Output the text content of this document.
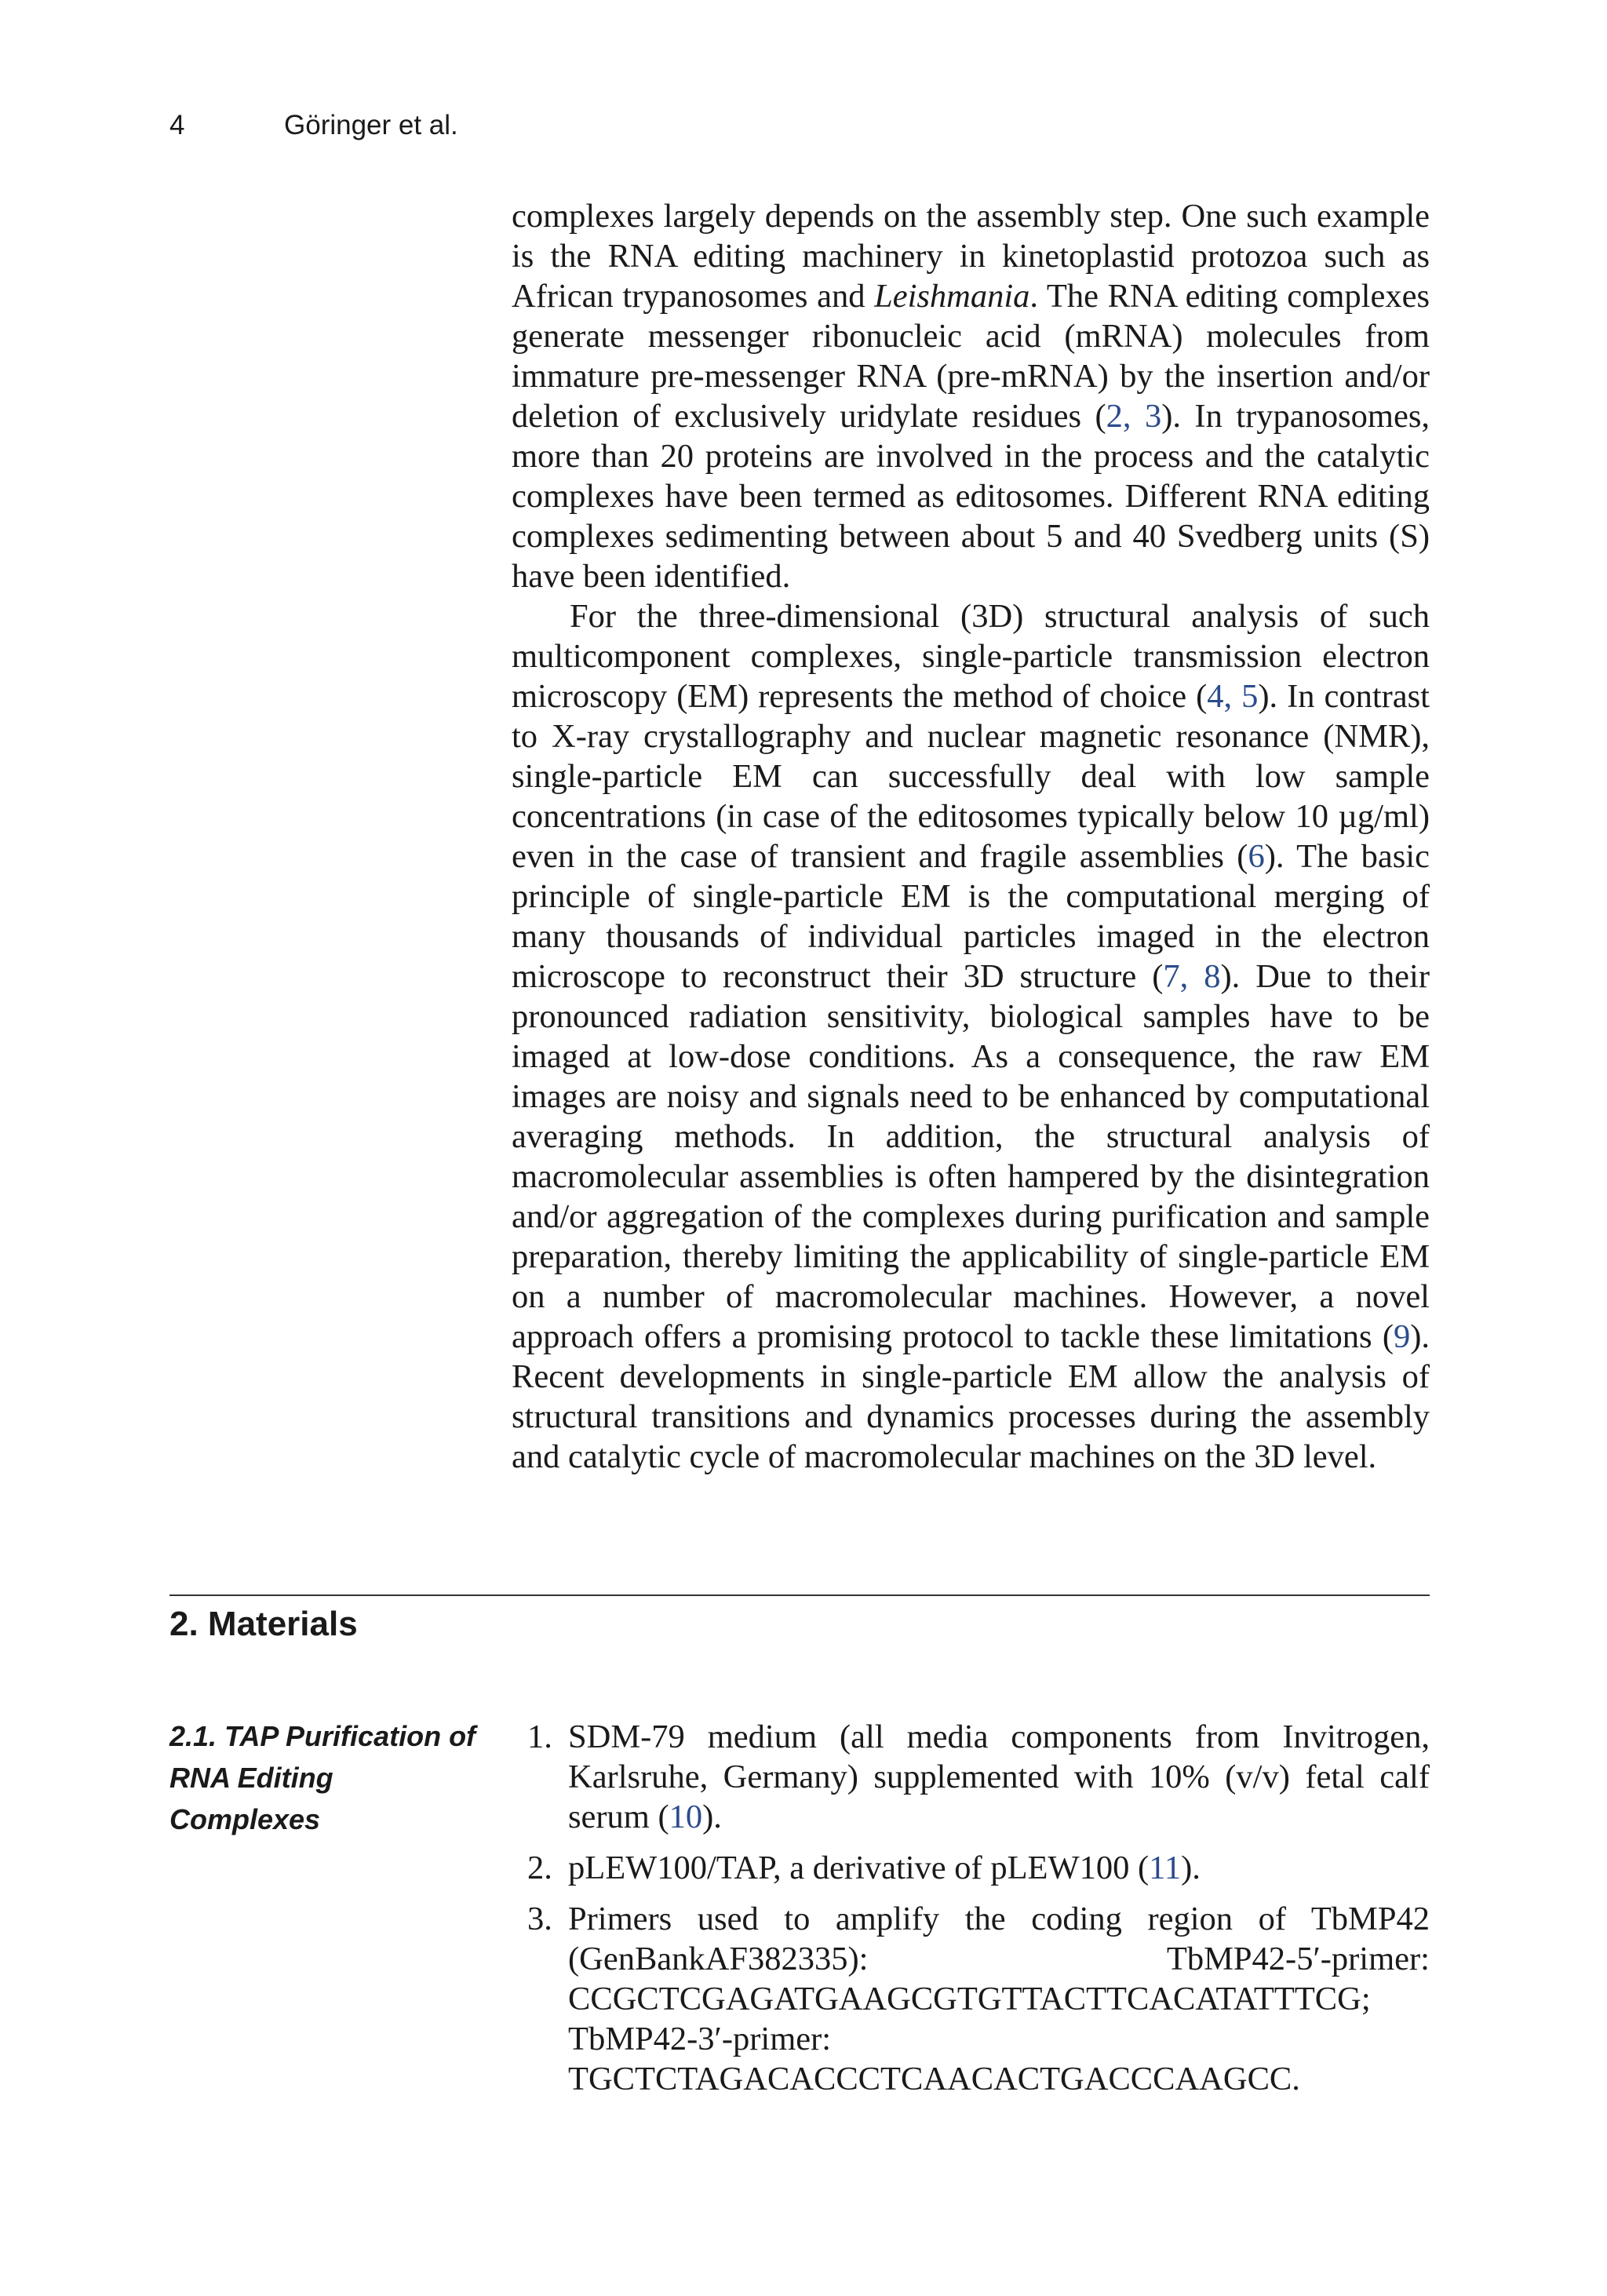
4	Göringer et al.

complexes largely depends on the assembly step. One such example is the RNA editing machinery in kinetoplastid protozoa such as African trypanosomes and Leishmania. The RNA editing complexes generate messenger ribonucleic acid (mRNA) molecules from immature pre-messenger RNA (pre-mRNA) by the insertion and/or deletion of exclusively uridylate residues (2, 3). In trypanosomes, more than 20 proteins are involved in the process and the catalytic complexes have been termed as editosomes. Different RNA editing complexes sedimenting between about 5 and 40 Svedberg units (S) have been identified.

For the three-dimensional (3D) structural analysis of such multicomponent complexes, single-particle transmission electron microscopy (EM) represents the method of choice (4, 5). In contrast to X-ray crystallography and nuclear magnetic resonance (NMR), single-particle EM can successfully deal with low sample concentrations (in case of the editosomes typically below 10 µg/ml) even in the case of transient and fragile assemblies (6). The basic principle of single-particle EM is the computational merging of many thousands of individual particles imaged in the electron microscope to reconstruct their 3D structure (7, 8). Due to their pronounced radiation sensitivity, biological samples have to be imaged at low-dose conditions. As a consequence, the raw EM images are noisy and signals need to be enhanced by computational averaging methods. In addition, the structural analysis of macromolecular assemblies is often hampered by the disintegration and/or aggregation of the complexes during purification and sample preparation, thereby limiting the applicability of single-particle EM on a number of macromolecular machines. However, a novel approach offers a promising protocol to tackle these limitations (9). Recent developments in single-particle EM allow the analysis of structural transitions and dynamics processes during the assembly and catalytic cycle of macromolecular machines on the 3D level.

2. Materials
2.1. TAP Purification of RNA Editing Complexes
1. SDM-79 medium (all media components from Invitrogen, Karlsruhe, Germany) supplemented with 10% (v/v) fetal calf serum (10).
2. pLEW100/TAP, a derivative of pLEW100 (11).
3. Primers used to amplify the coding region of TbMP42 (GenBankAF382335): TbMP42-5′-primer: CCGCTCGAGATGAAGCGTGTTACTTCACATATTTCG; TbMP42-3′-primer: TGCTCTAGACACCCTCAACACTGACCCAAGCC.
